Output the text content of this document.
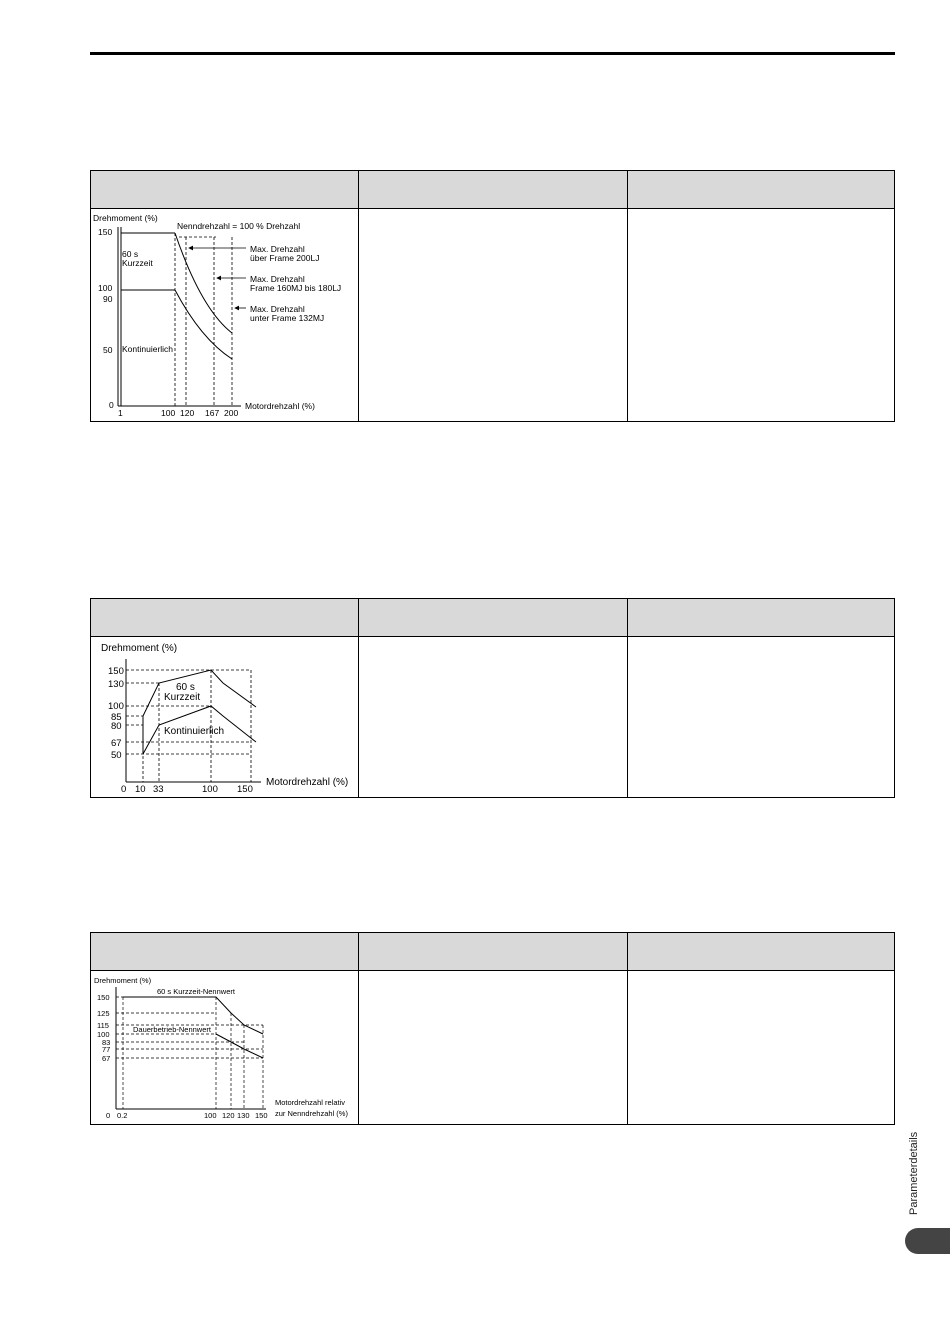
Drehmoment (%)
150
100
90
50
0
1	100 120 167 200
Motordrehzahl (%)
Nenndrehzahl = 100 % Drehzahl
60 s
Kurzzeit
Kontinuierlich
Max. Drehzahl
über Frame 200LJ
Max. Drehzahl
Frame 160MJ bis 180LJ
Max. Drehzahl
unter Frame 132MJ
Drehmoment (%)
150
130
100
85
80
67
50
60 s
Kurzzeit
Kontinuierlich
0 10 33	100 150
Motordrehzahl (%)
Drehmoment (%)
150
125
115
100
83
77
67
60 s Kurzzeit-Nennwert
Dauerbetrieb-Nennwert
0 0.2	100 120 130 150
Motordrehzahl relativ
zur Nenndrehzahl (%)
Parameterdetails
